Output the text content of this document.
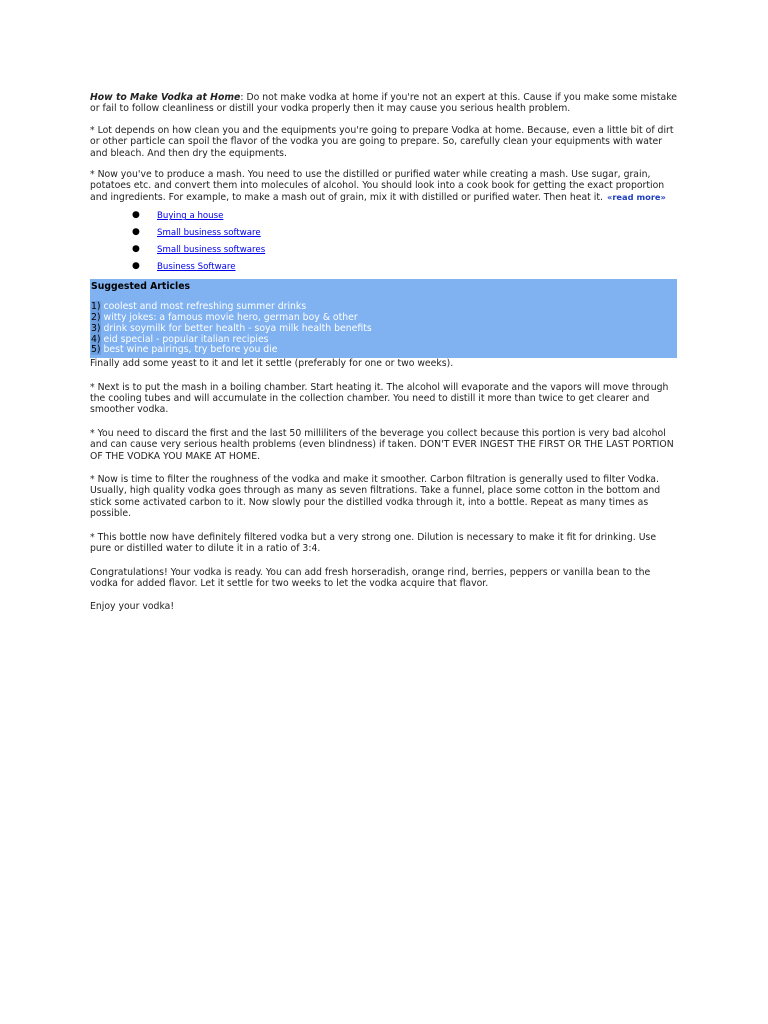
How to Make Vodka at Home: Do not make vodka at home if you're not an expert at this. Cause if you make some mistake or fail to follow cleanliness or distill your vodka properly then it may cause you serious health problem.

* Lot depends on how clean you and the equipments you're going to prepare Vodka at home. Because, even a little bit of dirt or other particle can spoil the flavor of the vodka you are going to prepare. So, carefully clean your equipments with water and bleach. And then dry the equipments.

* Now you've to produce a mash. You need to use the distilled or purified water while creating a mash. Use sugar, grain, potatoes etc. and convert them into molecules of alcohol. You should look into a cook book for getting the exact proportion and ingredients. For example, to make a mash out of grain, mix it with distilled or purified water. Then heat it. «read more»

● Buying a house
● Small business software
● Small business softwares
● Business Software
Suggested Articles
1) coolest and most refreshing summer drinks
2) witty jokes: a famous movie hero, german boy & other
3) drink soymilk for better health - soya milk health benefits
4) eid special - popular italian recipies
5) best wine pairings, try before you die

Finally add some yeast to it and let it settle (preferably for one or two weeks).

* Next is to put the mash in a boiling chamber. Start heating it. The alcohol will evaporate and the vapors will move through the cooling tubes and will accumulate in the collection chamber. You need to distill it more than twice to get clearer and smoother vodka.

* You need to discard the first and the last 50 milliliters of the beverage you collect because this portion is very bad alcohol and can cause very serious health problems (even blindness) if taken. DON'T EVER INGEST THE FIRST OR THE LAST PORTION OF THE VODKA YOU MAKE AT HOME.

* Now is time to filter the roughness of the vodka and make it smoother. Carbon filtration is generally used to filter Vodka. Usually, high quality vodka goes through as many as seven filtrations. Take a funnel, place some cotton in the bottom and stick some activated carbon to it. Now slowly pour the distilled vodka through it, into a bottle. Repeat as many times as possible.

* This bottle now have definitely filtered vodka but a very strong one. Dilution is necessary to make it fit for drinking. Use pure or distilled water to dilute it in a ratio of 3:4.

Congratulations! Your vodka is ready. You can add fresh horseradish, orange rind, berries, peppers or vanilla bean to the vodka for added flavor. Let it settle for two weeks to let the vodka acquire that flavor.

Enjoy your vodka!
